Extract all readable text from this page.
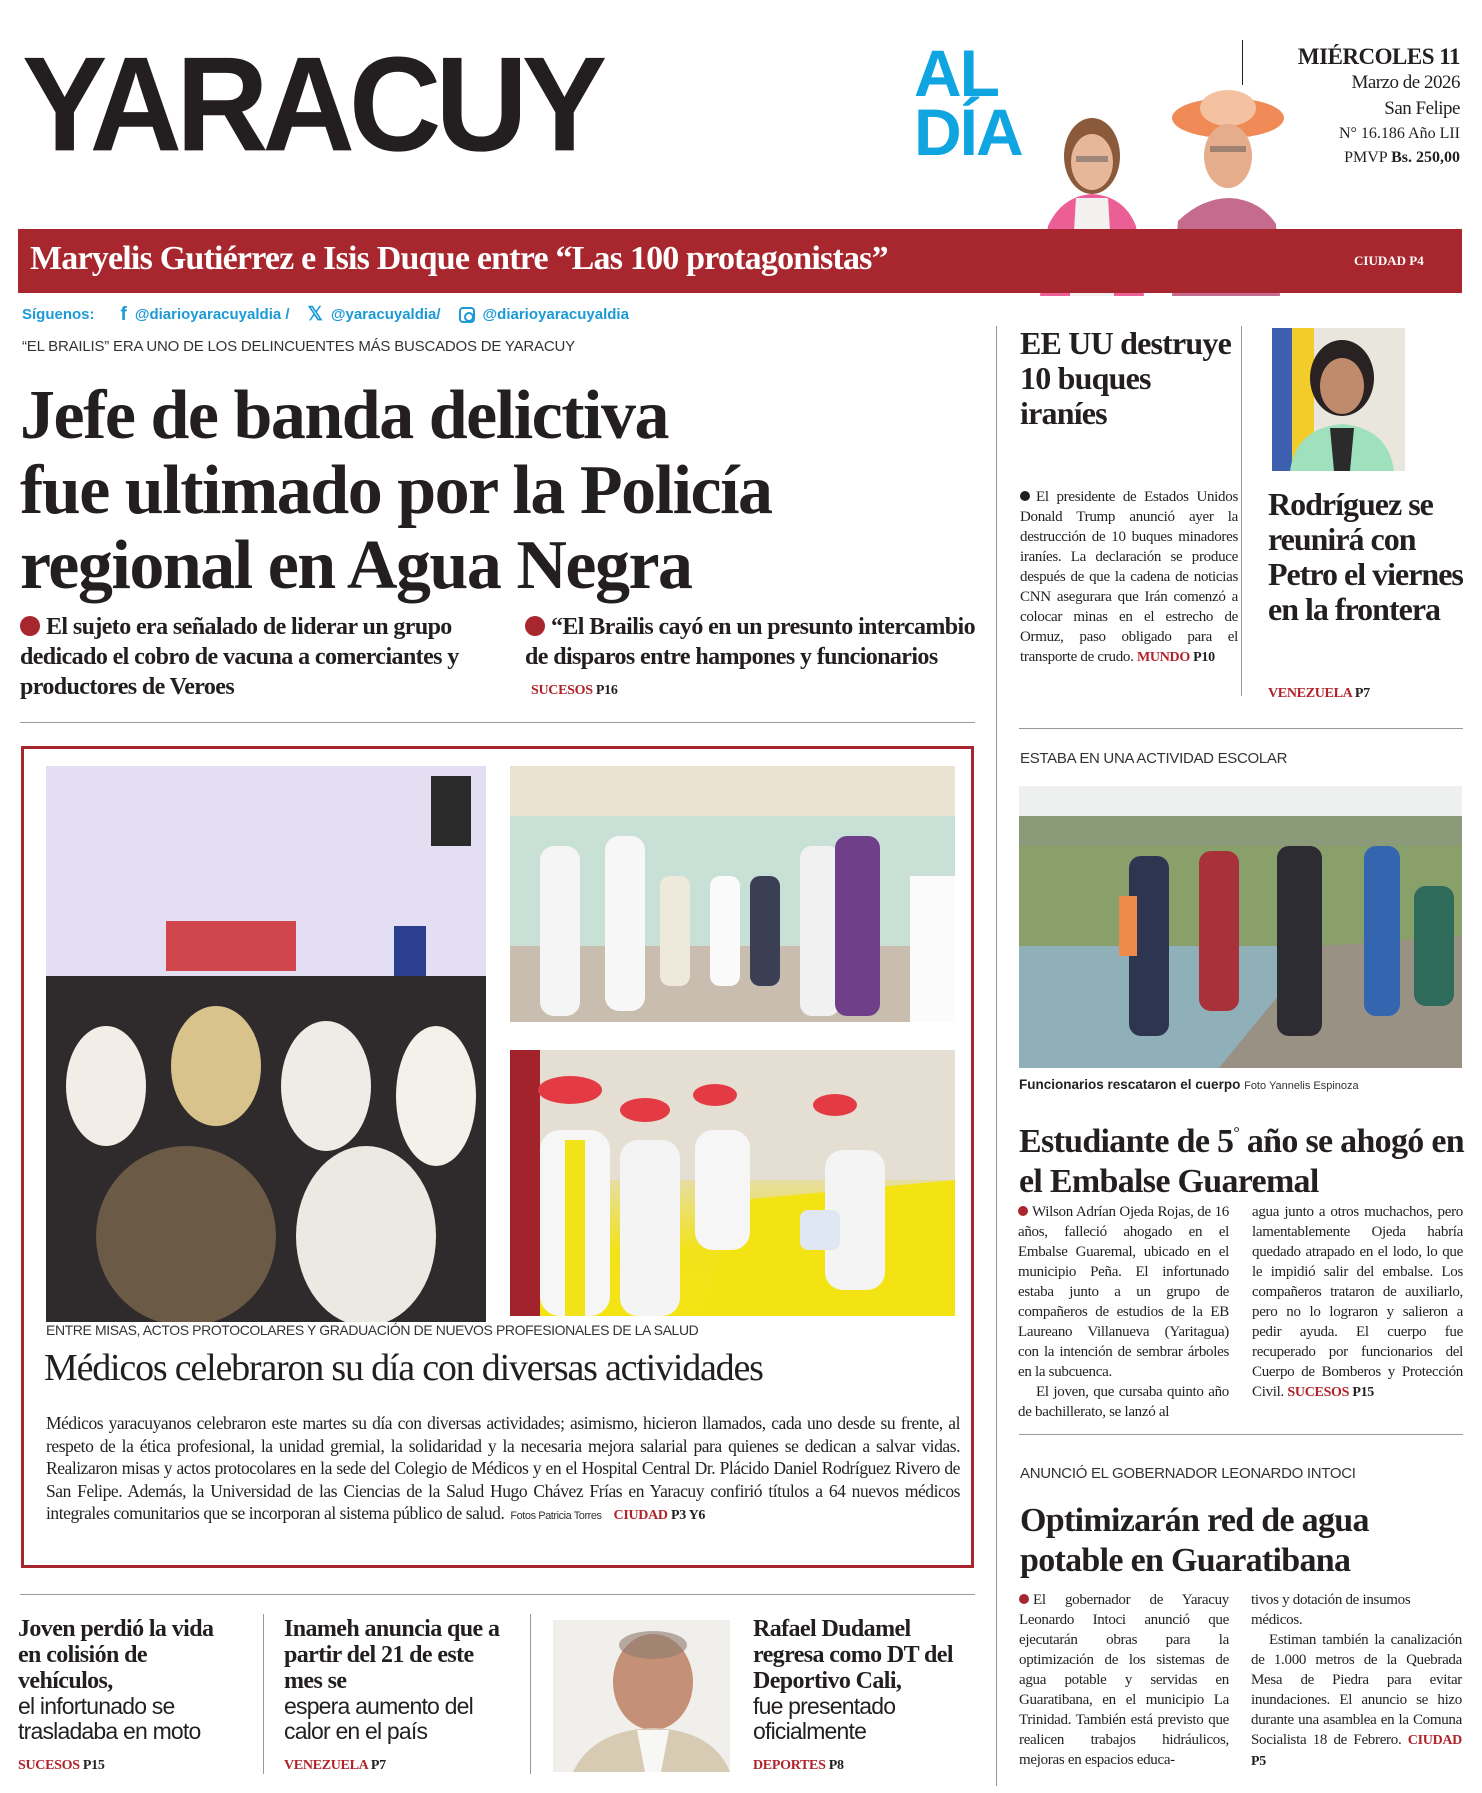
YARACUY	AL
DÍA
MIÉRCOLES 11
Marzo de 2026
San Felipe
N° 16.186 Año LII
PMVP Bs. 250,00
Maryelis Gutiérrez e Isis Duque entre “Las 100 protagonistas”	CIUDAD P4
Síguenos: f @diarioyaracuyaldia / 𝕏 @yaracuyaldia/	@diarioyaracuyaldia
“EL BRAILIS” ERA UNO DE LOS DELINCUENTES MÁS BUSCADOS DE YARACUY
Jefe de banda delictiva
fue ultimado por la Policía
regional en Agua Negra
El sujeto era señalado de liderar un grupo dedicado el cobro de vacuna a comerciantes y productores de Veroes
“El Brailis cayó en un presunto intercambio de disparos entre hampones y funcionarios SUCESOS P16
EE UU destruye 10 buques iraníes
El presidente de Estados Unidos Donald Trump anunció ayer la destrucción de 10 buques minadores iraníes. La declaración se produce después de que la cadena de noticias CNN asegurara que Irán comenzó a colocar minas en el estrecho de Ormuz, paso obligado para el transporte de crudo. MUNDO P10
Rodríguez se reunirá con Petro el viernes en la frontera
VENEZUELA P7
ENTRE MISAS, ACTOS PROTOCOLARES Y GRADUACIÓN DE NUEVOS PROFESIONALES DE LA SALUD
Médicos celebraron su día con diversas actividades
Médicos yaracuyanos celebraron este martes su día con diversas actividades; asimismo, hicieron llamados, cada uno desde su frente, al respeto de la ética profesional, la unidad gremial, la solidaridad y la necesaria mejora salarial para quienes se dedican a salvar vidas. Realizaron misas y actos protocolares en la sede del Colegio de Médicos y en el Hospital Central Dr. Plácido Daniel Rodríguez Rivero de San Felipe. Además, la Universidad de las Ciencias de la Salud Hugo Chávez Frías en Yaracuy confirió títulos a 64 nuevos médicos integrales comunitarios que se incorporan al sistema público de salud. Fotos Patricia Torres CIUDAD P3 Y6
ESTABA EN UNA ACTIVIDAD ESCOLAR
Funcionarios rescataron el cuerpo Foto Yannelis Espinoza
Estudiante de 5° año se ahogó en el Embalse Guaremal

Wilson Adrían Ojeda Rojas, de 16 años, falleció ahogado en el Embalse Guaremal, ubicado en el municipio Peña. El infortunado estaba junto a un grupo de compañeros de estudios de la EB Laureano Villanueva (Yaritagua) con la intención de sembrar árboles en la subcuenca.

El joven, que cursaba quinto año de bachillerato, se lanzó al

agua junto a otros muchachos, pero lamentablemente Ojeda habría quedado atrapado en el lodo, lo que le impidió salir del embalse. Los compañeros trataron de auxiliarlo, pero no lo lograron y salieron a pedir ayuda. El cuerpo fue recuperado por funcionarios del Cuerpo de Bomberos y Protección Civil. SUCESOS P15
ANUNCIÓ EL GOBERNADOR LEONARDO INTOCI
Optimizarán red de agua potable en Guaratibana
El gobernador de Yaracuy Leonardo Intoci anunció que ejecutarán obras para la optimización de los sistemas de agua potable y servidas en Guaratibana, en el municipio La Trinidad. También está previsto que realicen trabajos hidráulicos, mejoras en espacios educa-

tivos y dotación de insumos médicos.

Estiman también la canalización de 1.000 metros de la Quebrada Mesa de Piedra para evitar inundaciones. El anuncio se hizo durante una asamblea en la Comuna Socialista 18 de Febrero. CIUDAD P5

Joven perdió la vida en colisión de vehículos,
el infortunado se trasladaba en moto
SUCESOS P15
Inameh anuncia que a partir del 21 de este mes se
espera aumento del calor en el país
VENEZUELA P7
Rafael Dudamel regresa como DT del Deportivo Cali,
fue presentado oficialmente
DEPORTES P8
